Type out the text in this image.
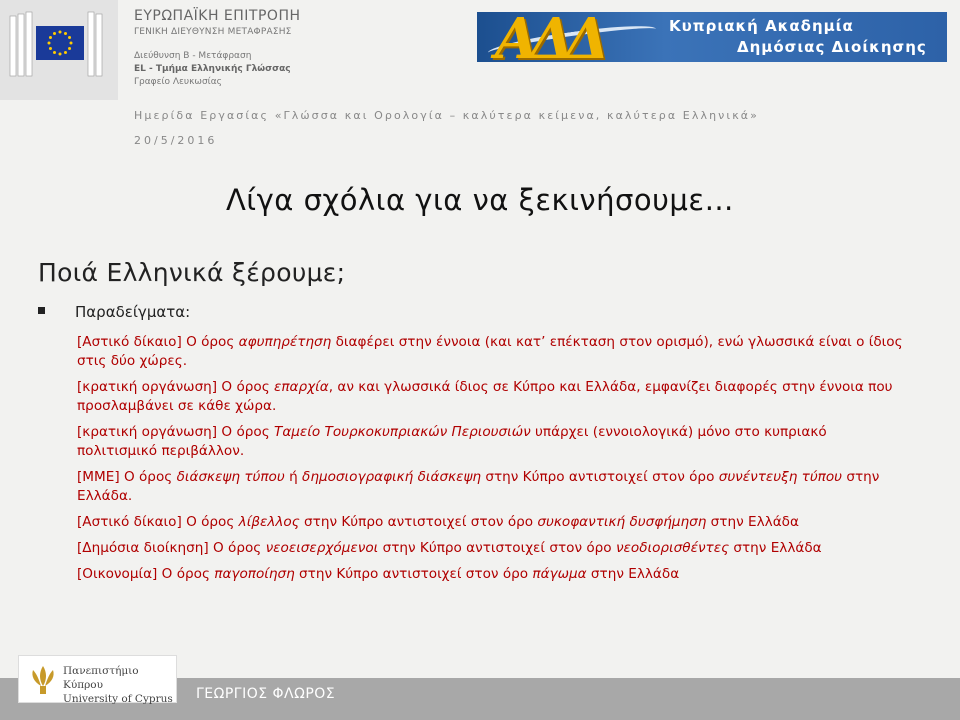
ΕΥΡΩΠΑΪΚΗ ΕΠΙΤΡΟΠΗ
ΓΕΝΙΚΗ ΔΙΕΥΘΥΝΣΗ ΜΕΤΑΦΡΑΣΗΣ
Διεύθυνση B - Μετάφραση
EL - Τμήμα Ελληνικής Γλώσσας
Γραφείο Λευκωσίας
ΑΔΔ	Κυπριακή Ακαδημία
Δημόσιας Διοίκησης
Ημερίδα Εργασίας «Γλώσσα και Ορολογία – καλύτερα κείμενα, καλύτερα Ελληνικά»
20/5/2016
Λίγα σχόλια για να ξεκινήσουμε…
Ποιά Ελληνικά ξέρουμε;
Παραδείγματα:
[Αστικό δίκαιο] Ο όρος αφυπηρέτηση διαφέρει στην έννοια (και κατ’ επέκταση στον ορισμό), ενώ γλωσσικά είναι ο ίδιος στις δύο χώρες.
[κρατική οργάνωση] Ο όρος επαρχία, αν και γλωσσικά ίδιος σε Κύπρο και Ελλάδα, εμφανίζει διαφορές στην έννοια που προσλαμβάνει σε κάθε χώρα.
[κρατική οργάνωση] Ο όρος Ταμείο Τουρκοκυπριακών Περιουσιών υπάρχει (εννοιολογικά) μόνο στο κυπριακό πολιτισμικό περιβάλλον.
[ΜΜΕ] Ο όρος διάσκεψη τύπου ή δημοσιογραφική διάσκεψη στην Κύπρο αντιστοιχεί στον όρο συνέντευξη τύπου στην Ελλάδα.
[Αστικό δίκαιο] Ο όρος λίβελλος στην Κύπρο αντιστοιχεί στον όρο συκοφαντική δυσφήμηση στην Ελλάδα
[Δημόσια διοίκηση] Ο όρος νεοεισερχόμενοι στην Κύπρο αντιστοιχεί στον όρο νεοδιορισθέντες στην Ελλάδα
[Οικονομία] Ο όρος παγοποίηση στην Κύπρο αντιστοιχεί στον όρο πάγωμα στην Ελλάδα
ΓΕΩΡΓΙΟΣ ΦΛΩΡΟΣ
Πανεπιστήμιο Κύπρου
University of Cyprus
